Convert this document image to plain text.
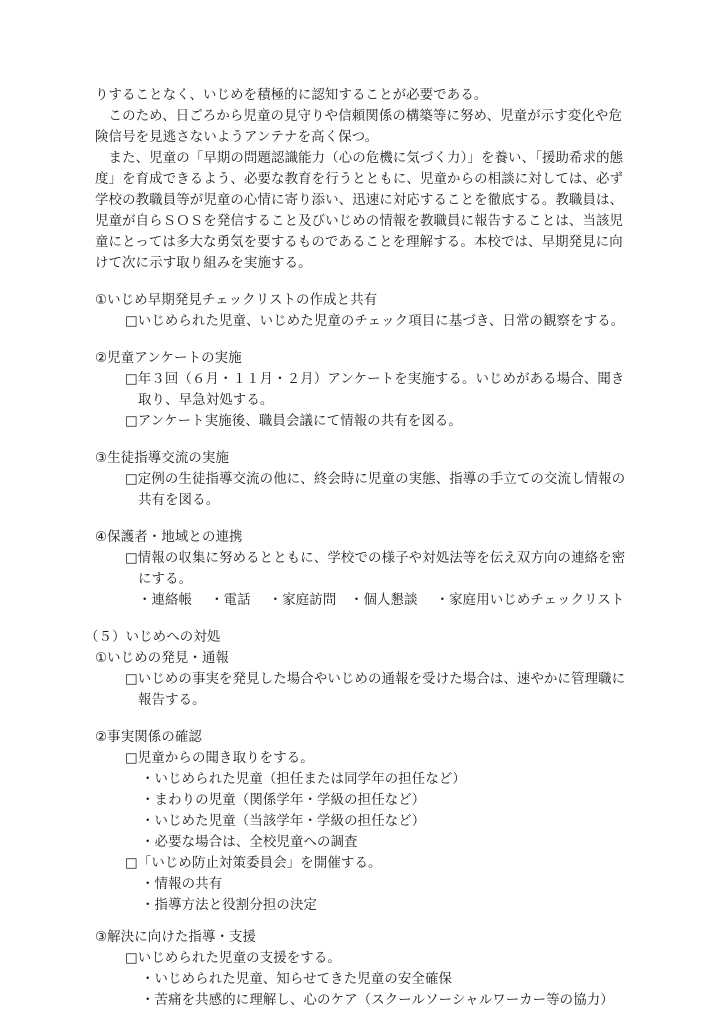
りすることなく、いじめを積極的に認知することが必要である。
　このため、日ごろから児童の見守りや信頼関係の構築等に努め、児童が示す変化や危
険信号を見逃さないようアンテナを高く保つ。
　また、児童の「早期の問題認識能力（心の危機に気づく力）」を養い、「援助希求的態
度」を育成できるよう、必要な教育を行うとともに、児童からの相談に対しては、必ず
学校の教職員等が児童の心情に寄り添い、迅速に対応することを徹底する。教職員は、
児童が自らＳＯＳを発信すること及びいじめの情報を教職員に報告することは、当該児
童にとっては多大な勇気を要するものであることを理解する。本校では、早期発見に向
けて次に示す取り組みを実施する。
①いじめ早期発見チェックリストの作成と共有
□いじめられた児童、いじめた児童のチェック項目に基づき、日常の観察をする。
②児童アンケートの実施
□年３回（６月・１１月・２月）アンケートを実施する。いじめがある場合、聞き
取り、早急対処する。
□アンケート実施後、職員会議にて情報の共有を図る。
③生徒指導交流の実施
□定例の生徒指導交流の他に、終会時に児童の実態、指導の手立ての交流し情報の
共有を図る。
④保護者・地域との連携
□情報の収集に努めるとともに、学校での様子や対処法等を伝え双方向の連絡を密
にする。
・連絡帳　 ・電話　 ・家庭訪問　・個人懇談　 ・家庭用いじめチェックリスト
（５）いじめへの対処
①いじめの発見・通報
□いじめの事実を発見した場合やいじめの通報を受けた場合は、速やかに管理職に
報告する。
②事実関係の確認
□児童からの聞き取りをする。
・いじめられた児童（担任または同学年の担任など）
・まわりの児童（関係学年・学級の担任など）
・いじめた児童（当該学年・学級の担任など）
・必要な場合は、全校児童への調査
□「いじめ防止対策委員会」を開催する。
・情報の共有
・指導方法と役割分担の決定
③解決に向けた指導・支援
□いじめられた児童の支援をする。
・いじめられた児童、知らせてきた児童の安全確保
・苦痛を共感的に理解し、心のケア（スクールソーシャルワーカー等の協力）
